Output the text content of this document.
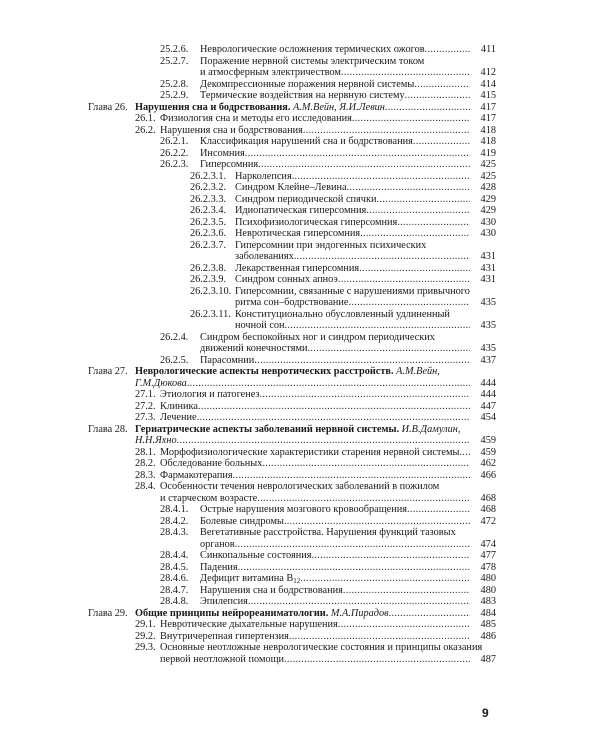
25.2.6.	Неврологические осложнения термических ожогов .....	411
25.2.7.	Поражение нервной системы электрическим током
и атмосферным электричеством .....	412
25.2.8.	Декомпрессионные поражения нервной системы .....	414
25.2.9.	Термические воздействия на нервную систему .....	415
Глава 26. Нарушения сна и бодрствования. А.М.Вейн, Я.И.Левин .....	417
26.1. Физиология сна и методы его исследования .....	417
26.2. Нарушения сна и бодрствования .....	418
26.2.1.	Классификация нарушений сна и бодрствования .....	418
26.2.2.	Инсомния .....	419
26.2.3.	Гиперсомния .....	425
26.2.3.1. Нарколепсия .....	425
26.2.3.2. Синдром Клейне–Левина .....	428
26.2.3.3. Синдром периодической спячки .....	429
26.2.3.4. Идиопатическая гиперсомния .....	429
26.2.3.5. Психофизиологическая гиперсомния .....	430
26.2.3.6. Невротическая гиперсомния .....	430
26.2.3.7. Гиперсомнии при эндогенных психических
заболеваниях .....	431
26.2.3.8. Лекарственная гиперсомния .....	431
26.2.3.9. Синдром сонных апноэ .....	431
26.2.3.10. Гиперсомнии, связанные с нарушениями привычного
ритма сон–бодрствование .....	435
26.2.3.11. Конституционально обусловленный удлиненный
ночной сон .....	435
26.2.4.	Синдром беспокойных ног и синдром периодических
движений конечностями .....	435
26.2.5.	Парасомнии .....	437
Глава 27. Неврологические аспекты невротических расстройств. А.М.Вейн,
Г.М.Дюкова .....	444
27.1. Этиология и патогенез .....	444
27.2. Клиника .....	447
27.3. Лечение .....	454
Глава 28. Гериатрические аспекты заболеваний нервной системы. И.В.Дамулин,
Н.Н.Яхно .....	459
28.1. Морфофизиологические характеристики старения нервной системы .....	459
28.2. Обследование больных .....	462
28.3. Фармакотерапия .....	466
28.4. Особенности течения неврологических заболеваний в пожилом
и старческом возрасте .....	468
28.4.1.	Острые нарушения мозгового кровообращения .....	468
28.4.2.	Болевые синдромы .....	472
28.4.3.	Вегетативные расстройства. Нарушения функций тазовых
органов .....	474
28.4.4.	Синкопальные состояния .....	477
28.4.5.	Падения .....	478
28.4.6.	Дефицит витамина $B_{12}$ .....	480
28.4.7.	Нарушения сна и бодрствования .....	480
28.4.8.	Эпилепсия .....	483
Глава 29. Общие принципы нейрореаниматологии. М.А.Пирадов .....	484
29.1. Невротические дыхательные нарушения .....	485
29.2. Внутричерепная гипертензия .....	486
29.3. Основные неотложные неврологические состояния и принципы оказания
первой неотложной помощи .....	487
9
